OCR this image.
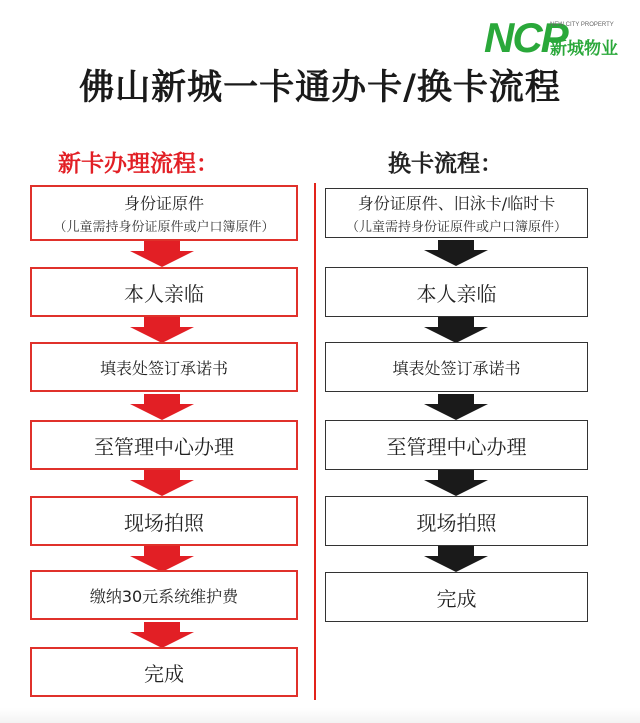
NCP
NEW CITY PROPERTY
新城物业
佛山新城一卡通办卡/换卡流程
新卡办理流程：	换卡流程：
身份证原件
（儿童需持身份证原件或户口簿原件）
本人亲临
填表处签订承诺书
至管理中心办理
现场拍照
缴纳30元系统维护费
完成
身份证原件、旧泳卡/临时卡
（儿童需持身份证原件或户口簿原件）
本人亲临
填表处签订承诺书
至管理中心办理
现场拍照
完成
